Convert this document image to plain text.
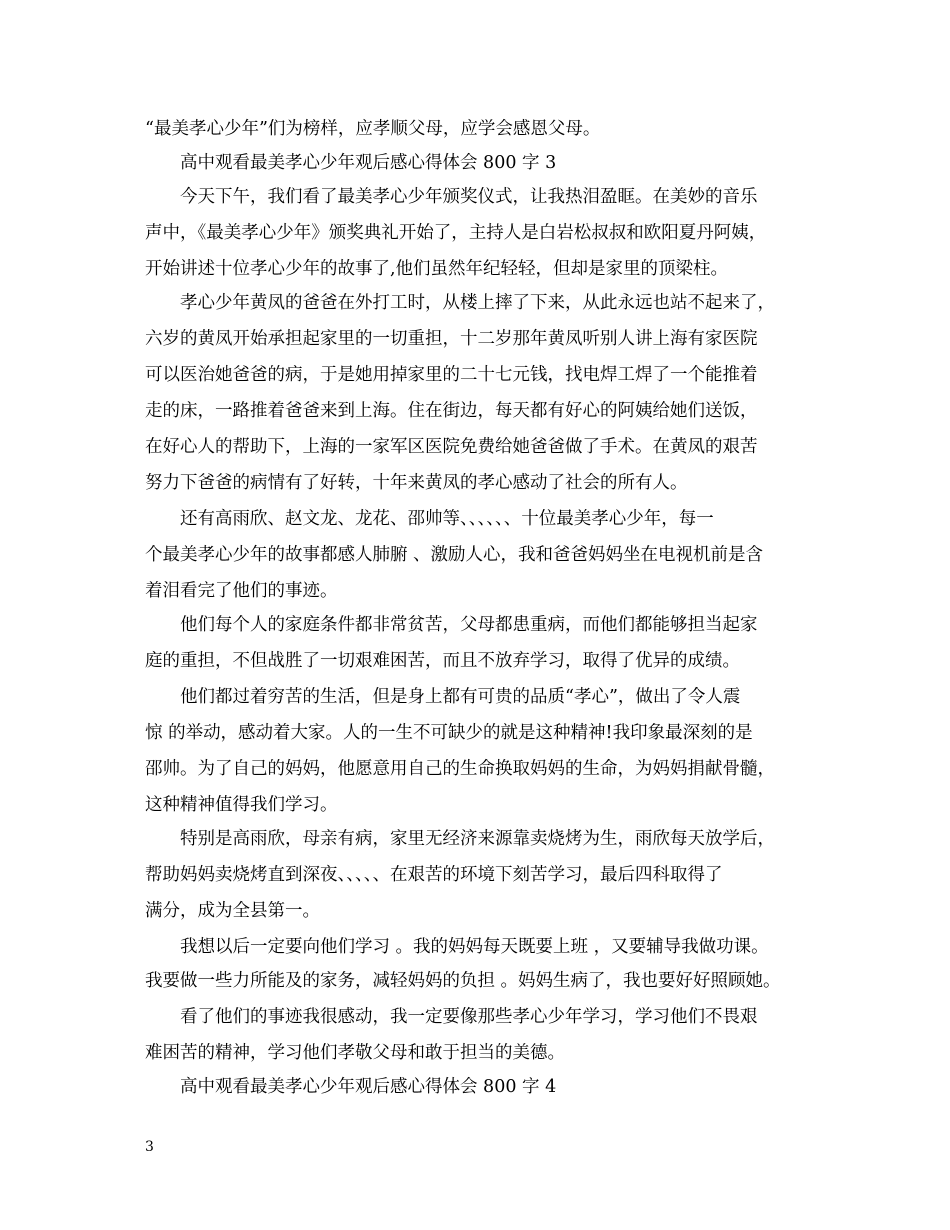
“最美孝心少年”们为榜样，应孝顺父母，应学会感恩父母。
高中观看最美孝心少年观后感心得体会 800 字 3
今天下午，我们看了最美孝心少年颁奖仪式，让我热泪盈眶。在美妙的音乐
声中，《最美孝心少年》颁奖典礼开始了，主持人是白岩松叔叔和欧阳夏丹阿姨，
开始讲述十位孝心少年的故事了,他们虽然年纪轻轻，但却是家里的顶梁柱。
孝心少年黄凤的爸爸在外打工时，从楼上摔了下来，从此永远也站不起来了，
六岁的黄凤开始承担起家里的一切重担，十二岁那年黄凤听别人讲上海有家医院
可以医治她爸爸的病，于是她用掉家里的二十七元钱，找电焊工焊了一个能推着
走的床，一路推着爸爸来到上海。住在街边，每天都有好心的阿姨给她们送饭，
在好心人的帮助下，上海的一家军区医院免费给她爸爸做了手术。在黄凤的艰苦
努力下爸爸的病情有了好转，十年来黄凤的孝心感动了社会的所有人。
还有高雨欣、赵文龙、龙花、邵帅等、、、、、、十位最美孝心少年，每一
个最美孝心少年的故事都感人肺腑 、激励人心，我和爸爸妈妈坐在电视机前是含
着泪看完了他们的事迹。
他们每个人的家庭条件都非常贫苦，父母都患重病，而他们都能够担当起家
庭的重担，不但战胜了一切艰难困苦，而且不放弃学习，取得了优异的成绩。
他们都过着穷苦的生活，但是身上都有可贵的品质“孝心”，做出了令人震
惊 的举动，感动着大家。人的一生不可缺少的就是这种精神!我印象最深刻的是
邵帅。为了自己的妈妈，他愿意用自己的生命换取妈妈的生命，为妈妈捐献骨髓，
这种精神值得我们学习。
特别是高雨欣，母亲有病，家里无经济来源靠卖烧烤为生，雨欣每天放学后，
帮助妈妈卖烧烤直到深夜、、、、、在艰苦的环境下刻苦学习，最后四科取得了
满分，成为全县第一。
我想以后一定要向他们学习 。我的妈妈每天既要上班 ，又要辅导我做功课。
我要做一些力所能及的家务，减轻妈妈的负担 。妈妈生病了，我也要好好照顾她。
看了他们的事迹我很感动，我一定要像那些孝心少年学习，学习他们不畏艰
难困苦的精神，学习他们孝敬父母和敢于担当的美德。
高中观看最美孝心少年观后感心得体会 800 字 4
3
